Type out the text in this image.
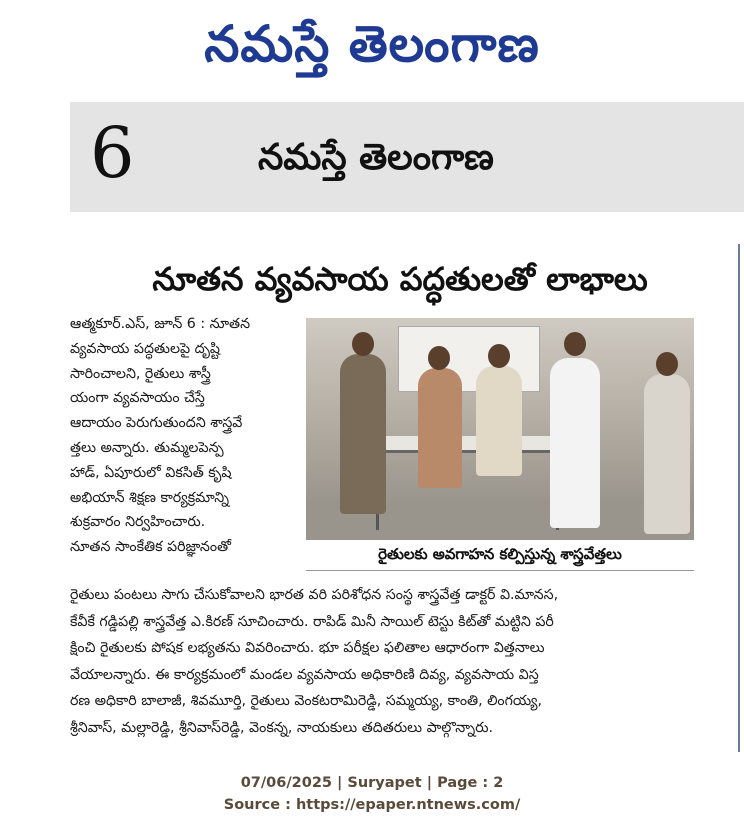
నమస్తే తెలంగాణ
6	నమస్తే తెలంగాణ
నూతన వ్యవసాయ పద్ధతులతో లాభాలు
ఆత్మకూర్.ఎస్, జూన్ 6 : నూతన
వ్యవసాయ పద్ధతులపై దృష్టి
సారించాలని, రైతులు శాస్త్రీ
యంగా వ్యవసాయం చేస్తే
ఆదాయం పెరుగుతుందని శాస్త్రవే
త్తలు అన్నారు. తుమ్మలపెన్ప
హాడ్, ఏపూరులో వికసిత్ కృషి
అభియాన్ శిక్షణ కార్యక్రమాన్ని
శుక్రవారం నిర్వహించారు.
నూతన సాంకేతిక పరిజ్ఞానంతో	రైతులకు అవగాహన కల్పిస్తున్న శాస్త్రవేత్తలు
రైతులు పంటలు సాగు చేసుకోవాలని భారత వరి పరిశోధన సంస్థ శాస్త్రవేత్త డాక్టర్ వి.మానస,
కేవీకే గడ్డిపల్లి శాస్త్రవేత్త ఎ.కిరణ్ సూచించారు. రాపిడ్ మినీ సాయిల్ టెస్టు కిట్‌తో మట్టిని పరీ
క్షించి రైతులకు పోషక లభ్యతను వివరించారు. భూ పరీక్షల ఫలితాల ఆధారంగా విత్తనాలు
వేయాలన్నారు. ఈ కార్యక్రమంలో మండల వ్యవసాయ అధికారిణి దివ్య, వ్యవసాయ విస్త
రణ అధికారి బాలాజీ, శివమూర్తి, రైతులు వెంకటరామిరెడ్డి, సమ్మయ్య, కాంతి, లింగయ్య,
శ్రీనివాస్, మల్లారెడ్డి, శ్రీనివాస్‌రెడ్డి, వెంకన్న, నాయకులు తదితరులు పాల్గొన్నారు.
07/06/2025 | Suryapet | Page : 2
Source : https://epaper.ntnews.com/
